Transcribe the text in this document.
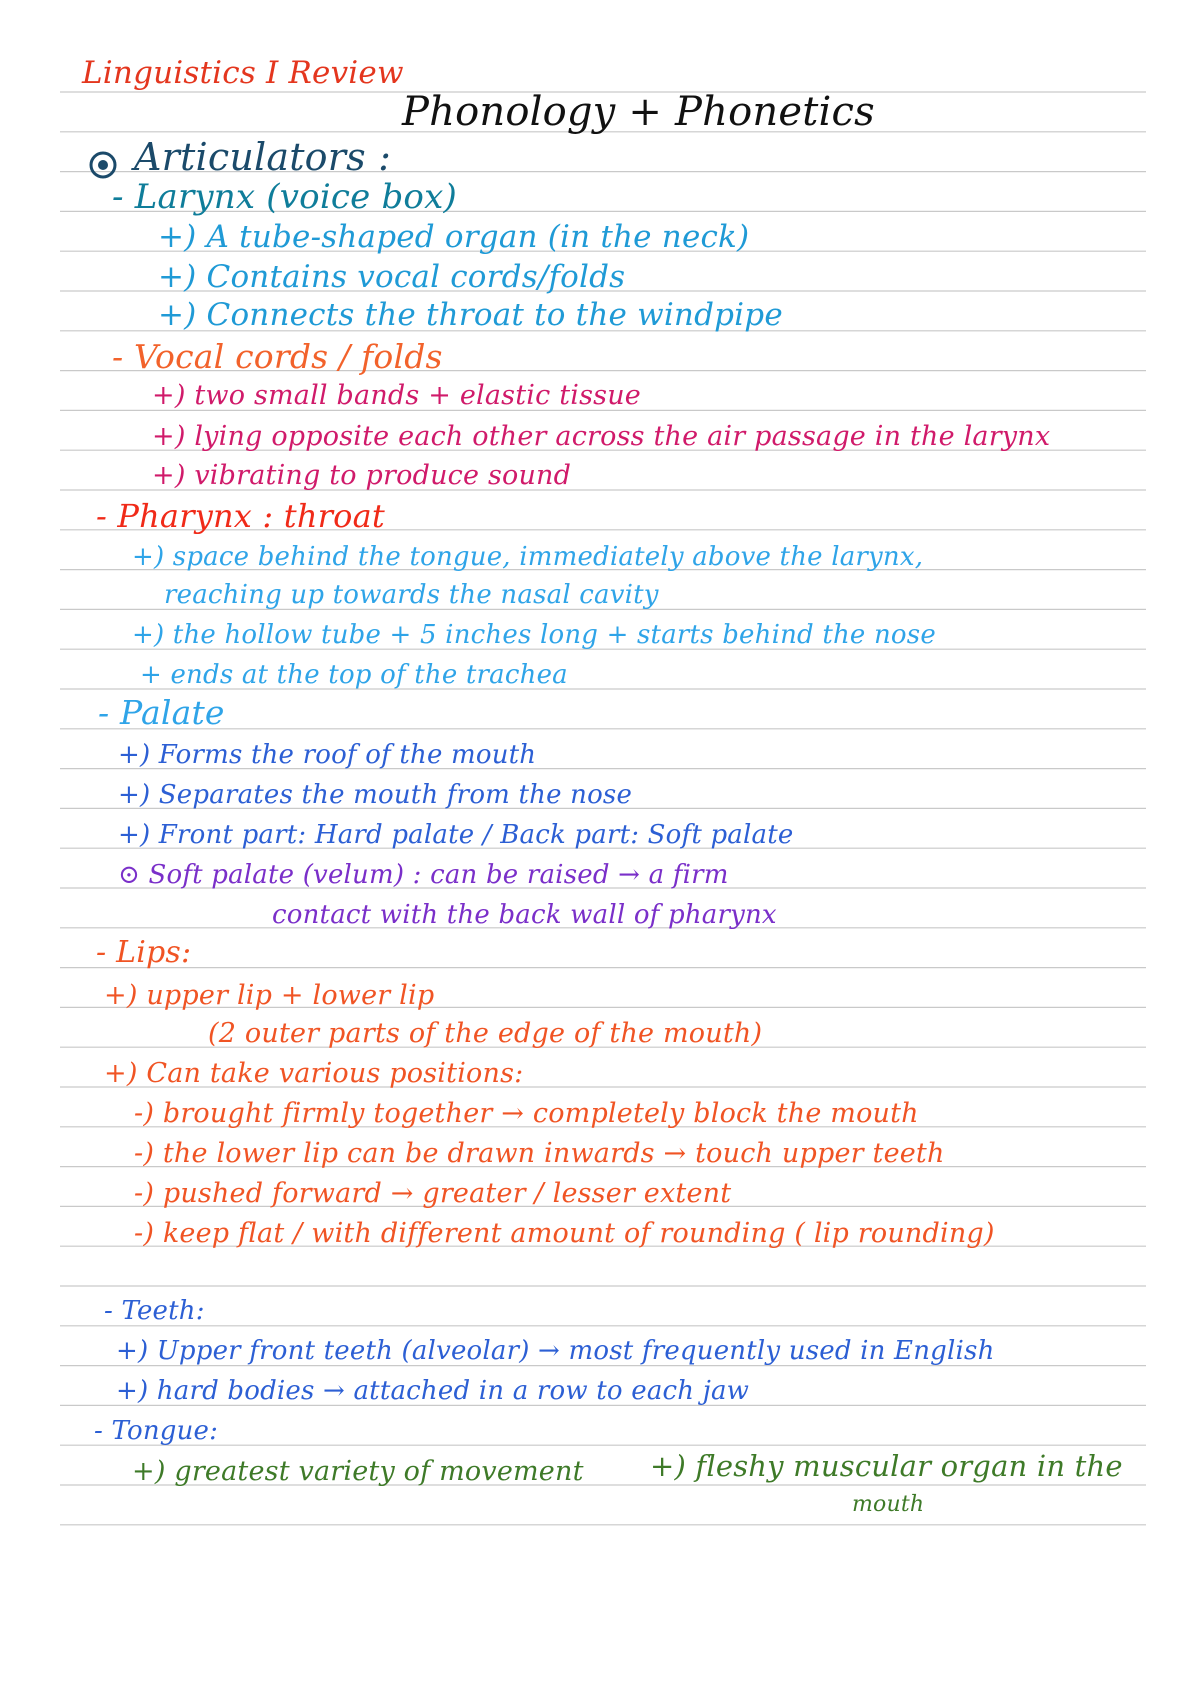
Linguistics I Review

Phonology + Phonetics

Articulators :

- Larynx (voice box)

+) A tube-shaped organ (in the neck)

+) Contains vocal cords/folds

+) Connects the throat to the windpipe

- Vocal cords / folds

+) two small bands + elastic tissue

+) lying opposite each other across the air passage in the larynx

+) vibrating to produce sound

- Pharynx : throat

+) space behind the tongue, immediately above the larynx,

reaching up towards the nasal cavity

+) the hollow tube + 5 inches long + starts behind the nose

+ ends at the top of the trachea

- Palate

+) Forms the roof of the mouth

+) Separates the mouth from the nose

+) Front part: Hard palate / Back part: Soft palate

⊙ Soft palate (velum) : can be raised → a firm

contact with the back wall of pharynx

- Lips:

+) upper lip + lower lip

(2 outer parts of the edge of the mouth)

+) Can take various positions:

-) brought firmly together → completely block the mouth

-) the lower lip can be drawn inwards → touch upper teeth

-) pushed forward → greater / lesser extent

-) keep flat / with different amount of rounding ( lip rounding)

- Teeth:

+) Upper front teeth (alveolar) → most frequently used in English

+) hard bodies → attached in a row to each jaw

- Tongue:

+) greatest variety of movement +) fleshy muscular organ in the

mouth
